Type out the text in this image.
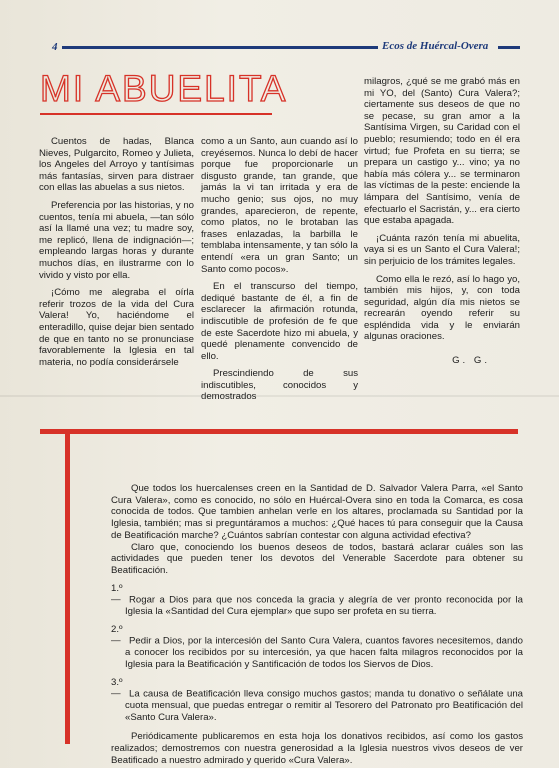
4	Ecos de Huércal-Overa
MI ABUELITA

Cuentos de hadas, Blanca Nieves, Pulgarcito, Romeo y Julieta, los Angeles del Arroyo y tantísimas más fantasías, sirven para distraer con ellas las abuelas a sus nietos.

Preferencia por las historias, y no cuentos, tenía mi abuela, —tan sólo así la llamé una vez; tu madre soy, me replicó, llena de indignación—; empleando largas horas y durante muchos días, en ilustrarme con lo vivido y visto por ella.

¡Cómo me alegraba el oírla referir trozos de la vida del Cura Valera! Yo, haciéndome el enteradillo, quise dejar bien sentado de que en tanto no se pronunciase favorablemente la Iglesia en tal materia, no podía considerársele

como a un Santo, aun cuando así lo creyésemos. Nunca lo debí de hacer porque fue proporcionarle un disgusto grande, tan grande, que jamás la vi tan irritada y era de mucho genio; sus ojos, no muy grandes, aparecieron, de repente, como platos, no le brotaban las frases enlazadas, la barbilla le temblaba intensamente, y tan sólo la entendí «era un gran Santo; un Santo como pocos».

En el transcurso del tiempo, dediqué bastante de él, a fin de esclarecer la afirmación rotunda, indiscutible de profesión de fe que de este Sacerdote hizo mi abuela, y quedé plenamente convencido de ello.

Prescindiendo de sus indiscutibles, conocidos y demostrados

milagros, ¿qué se me grabó más en mi YO, del (Santo) Cura Valera?; ciertamente sus deseos de que no se pecase, su gran amor a la Santísima Virgen, su Caridad con el pueblo; resumiendo; todo en él era virtud; fue Profeta en su tierra; se prepara un castigo y... vino; ya no había más cólera y... se terminaron las víctimas de la peste: enciende la lámpara del Santísimo, venía de efectuarlo el Sacristán, y... era cierto que estaba apagada.

¡Cuánta razón tenía mi abuelita, vaya si es un Santo el Cura Valera!; sin perjuicio de los trámites legales.

Como ella le rezó, así lo hago yo, también mis hijos, y, con toda seguridad, algún día mis nietos se recrearán oyendo referir su espléndida vida y le enviarán algunas oraciones.

G. G.

Que todos los huercalenses creen en la Santidad de D. Salvador Valera Parra, «el Santo Cura Valera», como es conocido, no sólo en Huércal-Overa sino en toda la Comarca, es cosa conocida de todos. Que tambien anhelan verle en los altares, proclamada su Santidad por la Iglesia, también; mas si preguntáramos a muchos: ¿Qué haces tú para conseguir que la Causa de Beatificación marche? ¿Cuántos sabrían contestar con alguna actividad efectiva?

Claro que, conociendo los buenos deseos de todos, bastará aclarar cuáles son las actividades que pueden tener los devotos del Venerable Sacerdote para obtener su Beatificación.

1.º— Rogar a Dios para que nos conceda la gracia y alegría de ver pronto reconocida por la Iglesia la «Santidad del Cura ejemplar» que supo ser profeta en su tierra.

2.º— Pedir a Dios, por la intercesión del Santo Cura Valera, cuantos favores necesitemos, dando a conocer los recibidos por su intercesión, ya que hacen falta milagros reconocidos por la Iglesia para la Beatificación y Santificación de todos los Siervos de Dios.

3.º— La causa de Beatificación lleva consigo muchos gastos; manda tu donativo o señálate una cuota mensual, que puedas entregar o remitir al Tesorero del Patronato pro Beatificación del «Santo Cura Valera».

Periódicamente publicaremos en esta hoja los donativos recibidos, así como los gastos realizados; demostremos con nuestra generosidad a la Iglesia nuestros vivos deseos de ver Beatificado a nuestro admirado y querido «Cura Valera».
